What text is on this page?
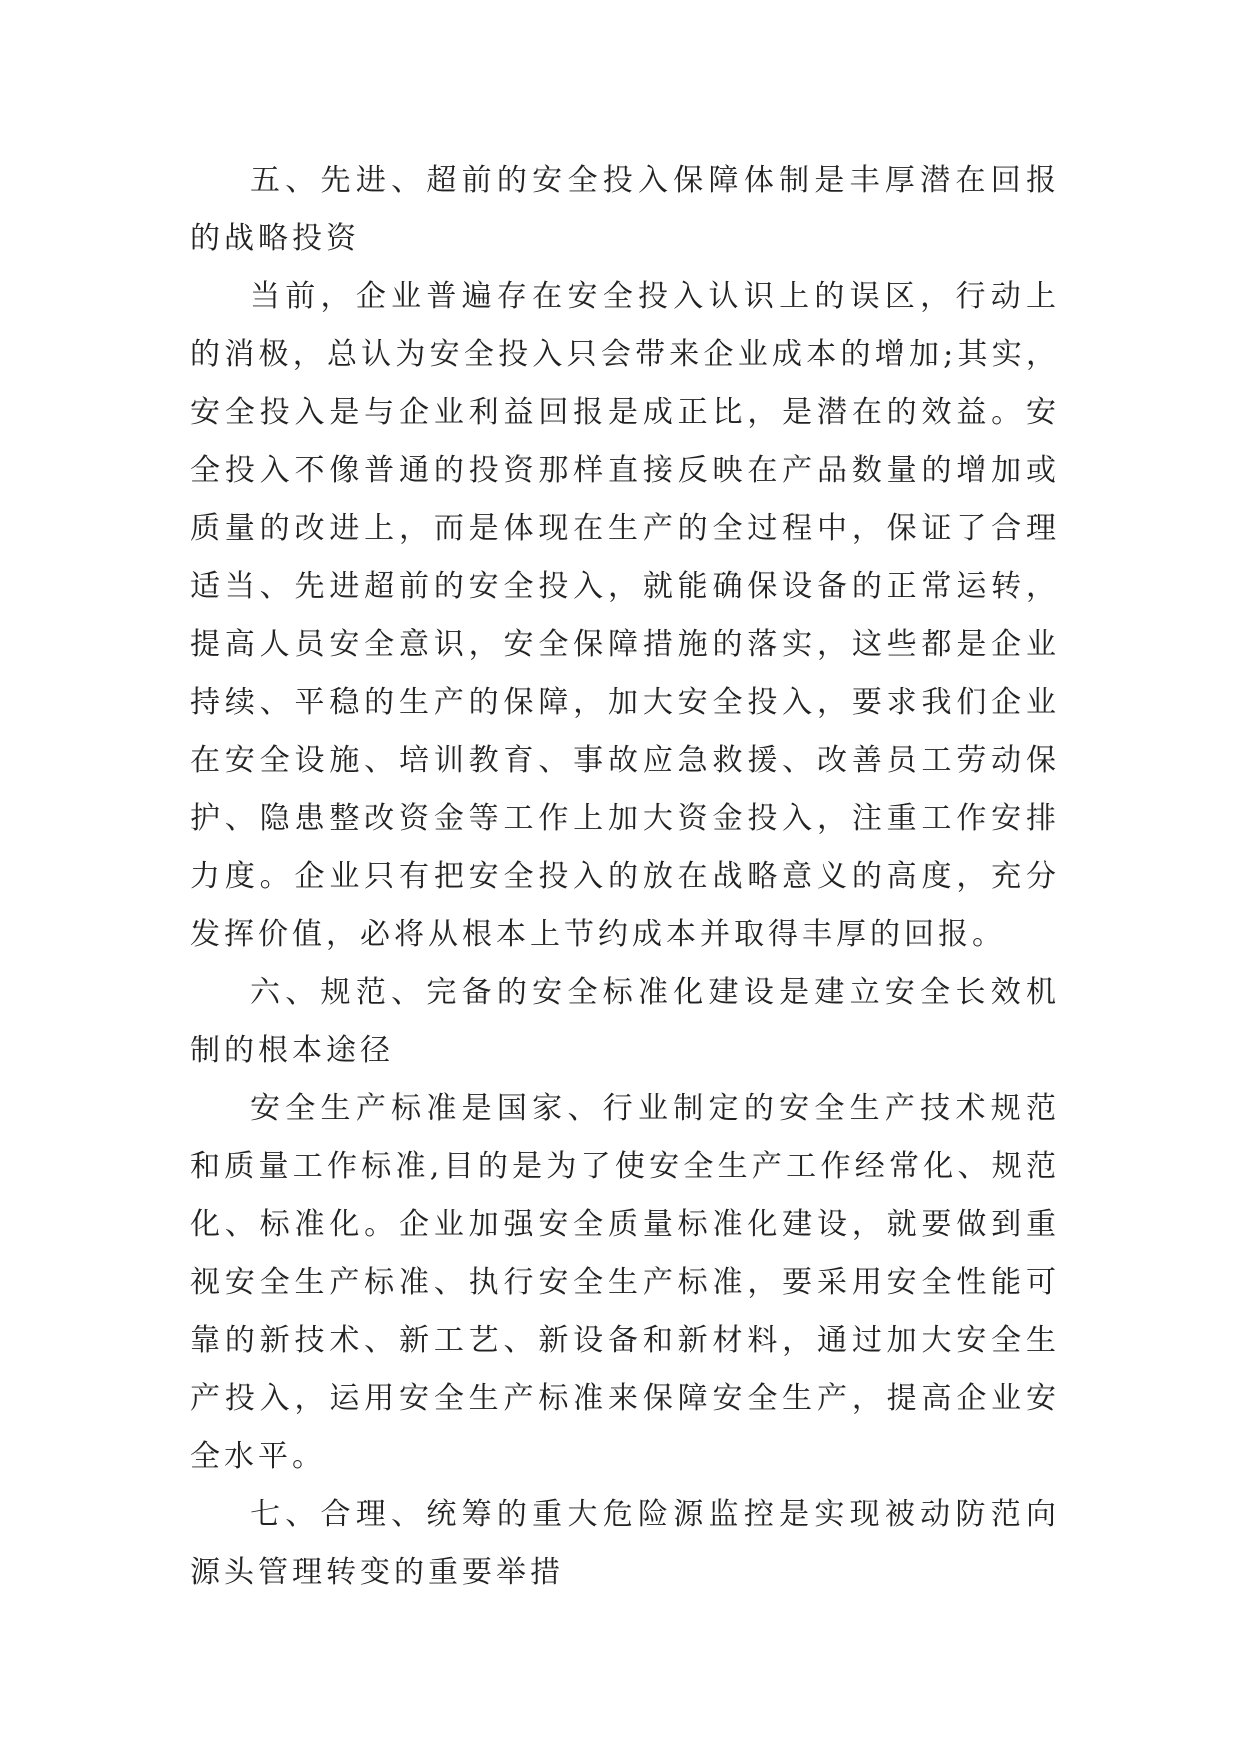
五、先进、超前的安全投入保障体制是丰厚潜在回报的战略投资

当前，企业普遍存在安全投入认识上的误区，行动上的消极，总认为安全投入只会带来企业成本的增加;其实，安全投入是与企业利益回报是成正比，是潜在的效益。安全投入不像普通的投资那样直接反映在产品数量的增加或质量的改进上，而是体现在生产的全过程中，保证了合理适当、先进超前的安全投入，就能确保设备的正常运转，提高人员安全意识，安全保障措施的落实，这些都是企业持续、平稳的生产的保障，加大安全投入，要求我们企业在安全设施、培训教育、事故应急救援、改善员工劳动保护、隐患整改资金等工作上加大资金投入，注重工作安排力度。企业只有把安全投入的放在战略意义的高度，充分发挥价值，必将从根本上节约成本并取得丰厚的回报。

六、规范、完备的安全标准化建设是建立安全长效机制的根本途径

安全生产标准是国家、行业制定的安全生产技术规范和质量工作标准,目的是为了使安全生产工作经常化、规范化、标准化。企业加强安全质量标准化建设，就要做到重视安全生产标准、执行安全生产标准，要采用安全性能可靠的新技术、新工艺、新设备和新材料，通过加大安全生产投入，运用安全生产标准来保障安全生产，提高企业安全水平。

七、合理、统筹的重大危险源监控是实现被动防范向源头管理转变的重要举措
